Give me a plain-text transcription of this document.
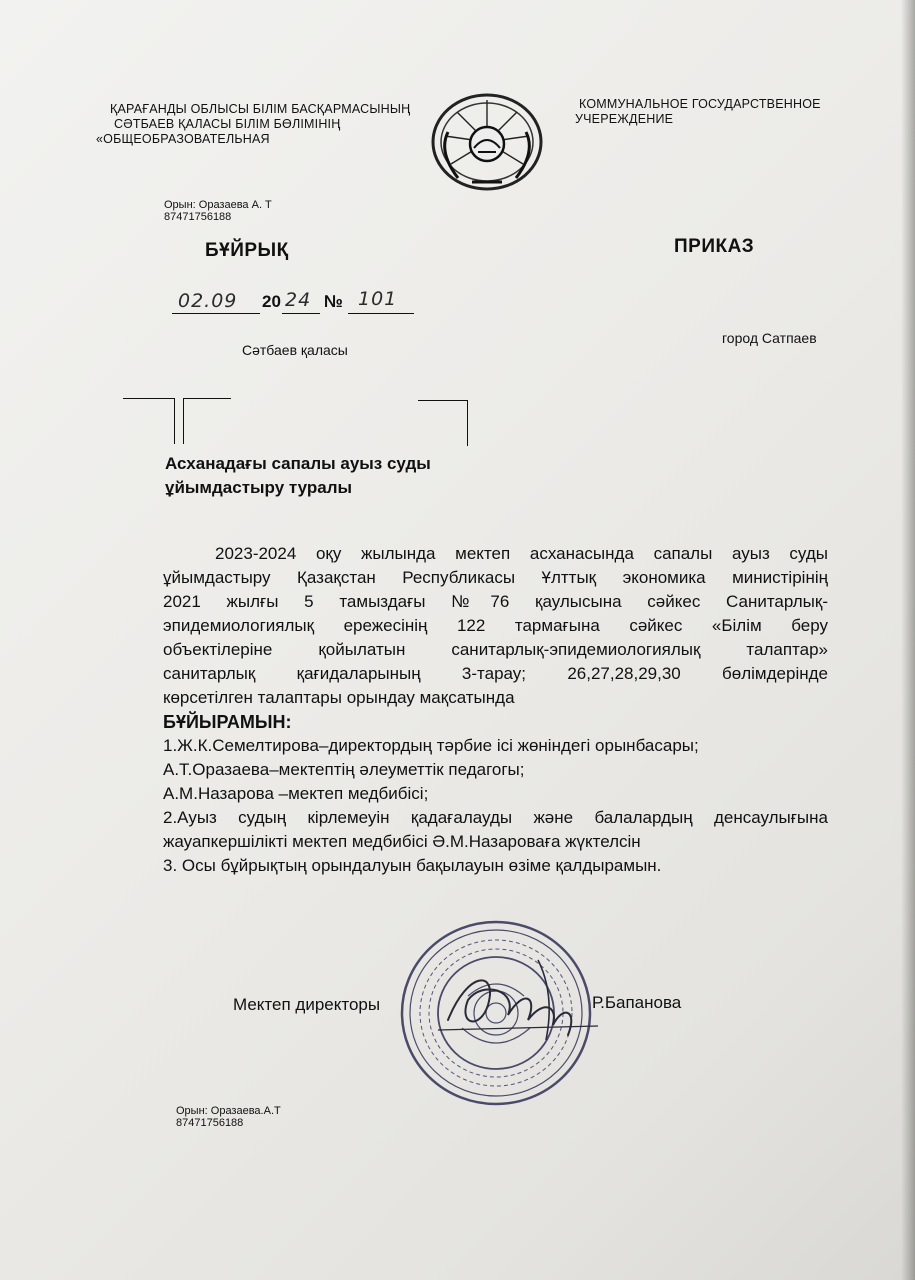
ҚАРАҒАНДЫ ОБЛЫСЫ БІЛІМ БАСҚАРМАСЫНЫҢ
СӘТБАЕВ ҚАЛАСЫ БІЛІМ БӨЛІМІНІҢ
«ОБЩЕОБРАЗОВАТЕЛЬНАЯ
КОММУНАЛЬНОЕ ГОСУДАРСТВЕННОЕ
УЧЕРЕЖДЕНИЕ
Орын: Оразаева А. Т
87471756188
БҰЙРЫҚ	ПРИКАЗ
02.09 20 24 № 101
Сәтбаев қаласы
город Сатпаев
Асханадағы сапалы ауыз суды
ұйымдастыру туралы
2023-2024 оқу жылында мектеп асханасында сапалы ауыз суды
ұйымдастыру Қазақстан Республикасы Ұлттық экономика министірінің
2021 жылғы 5 тамыздағы №76 қаулысына сәйкес Санитарлық-
эпидемиологиялық ережесінің 122 тармағына сәйкес «Білім беру
объектілеріне қойылатын санитарлық-эпидемиологиялық талаптар»
санитарлық қағидаларының 3-тарау; 26,27,28,29,30 бөлімдерінде
көрсетілген талаптары орындау мақсатында
БҰЙЫРАМЫН:
1.Ж.К.Семелтирова–директордың тәрбие ісі жөніндегі орынбасары;
А.Т.Оразаева–мектептің әлеуметтік педагогы;
А.М.Назарова –мектеп медбибісі;
2.Ауыз судың кірлемеуін қадағалауды және балалардың денсаулығына
жауапкершілікті мектеп медбибісі Ә.М.Назароваға жүктелсін
3. Осы бұйрықтың орындалуын бақылауын өзіме қалдырамын.
Мектеп директоры	Р.Бапанова
Орын: Оразаева.А.Т
87471756188
